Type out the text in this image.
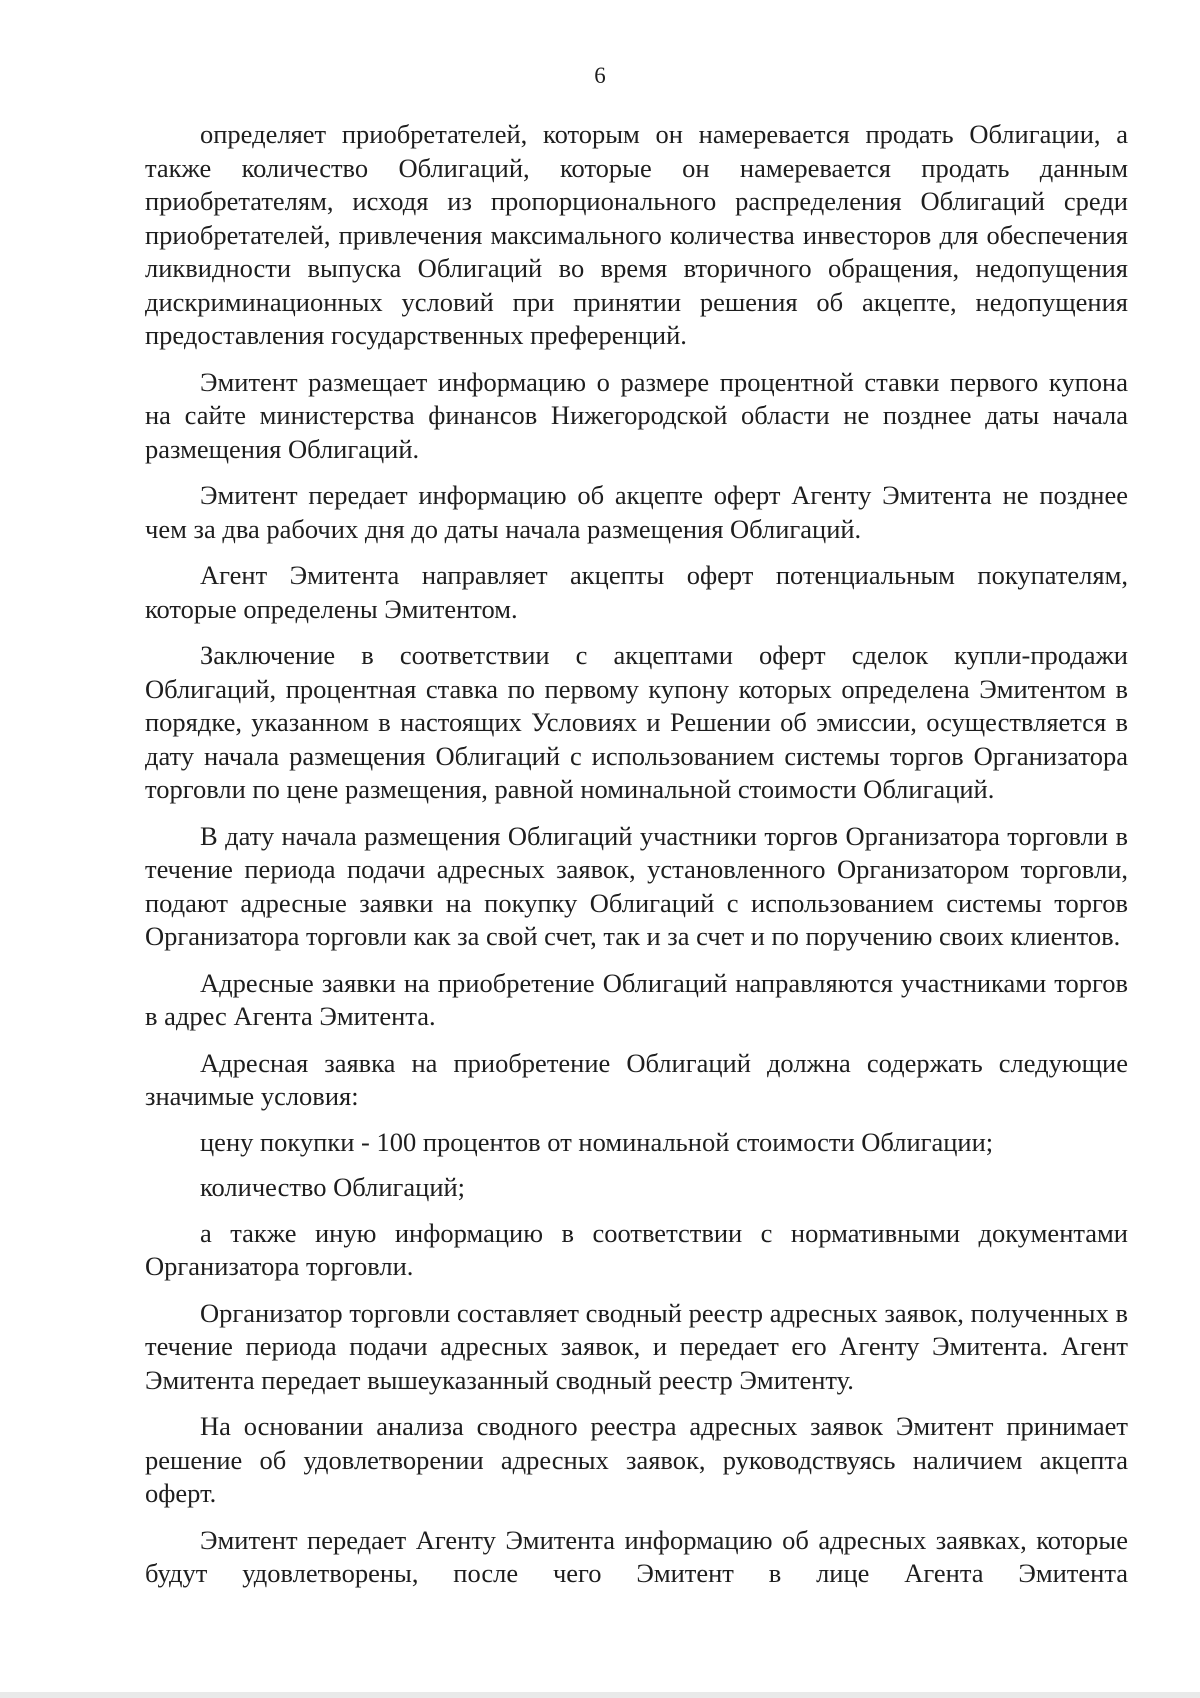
6

определяет приобретателей, которым он намеревается продать Облигации, а также количество Облигаций, которые он намеревается продать данным приобретателям, исходя из пропорционального распределения Облигаций среди приобретателей, привлечения максимального количества инвесторов для обеспечения ликвидности выпуска Облигаций во время вторичного обращения, недопущения дискриминационных условий при принятии решения об акцепте, недопущения предоставления государственных преференций.

Эмитент размещает информацию о размере процентной ставки первого купона на сайте министерства финансов Нижегородской области не позднее даты начала размещения Облигаций.

Эмитент передает информацию об акцепте оферт Агенту Эмитента не позднее чем за два рабочих дня до даты начала размещения Облигаций.

Агент Эмитента направляет акцепты оферт потенциальным покупателям, которые определены Эмитентом.

Заключение в соответствии с акцептами оферт сделок купли-продажи Облигаций, процентная ставка по первому купону которых определена Эмитентом в порядке, указанном в настоящих Условиях и Решении об эмиссии, осуществляется в дату начала размещения Облигаций с использованием системы торгов Организатора торговли по цене размещения, равной номинальной стоимости Облигаций.

В дату начала размещения Облигаций участники торгов Организатора торговли в течение периода подачи адресных заявок, установленного Организатором торговли, подают адресные заявки на покупку Облигаций с использованием системы торгов Организатора торговли как за свой счет, так и за счет и по поручению своих клиентов.

Адресные заявки на приобретение Облигаций направляются участниками торгов в адрес Агента Эмитента.

Адресная заявка на приобретение Облигаций должна содержать следующие значимые условия:

цену покупки - 100 процентов от номинальной стоимости Облигации;

количество Облигаций;

а также иную информацию в соответствии с нормативными документами Организатора торговли.

Организатор торговли составляет сводный реестр адресных заявок, полученных в течение периода подачи адресных заявок, и передает его Агенту Эмитента. Агент Эмитента передает вышеуказанный сводный реестр Эмитенту.

На основании анализа сводного реестра адресных заявок Эмитент принимает решение об удовлетворении адресных заявок, руководствуясь наличием акцепта оферт.

Эмитент передает Агенту Эмитента информацию об адресных заявках, которые будут удовлетворены, после чего Эмитент в лице Агента Эмитента
